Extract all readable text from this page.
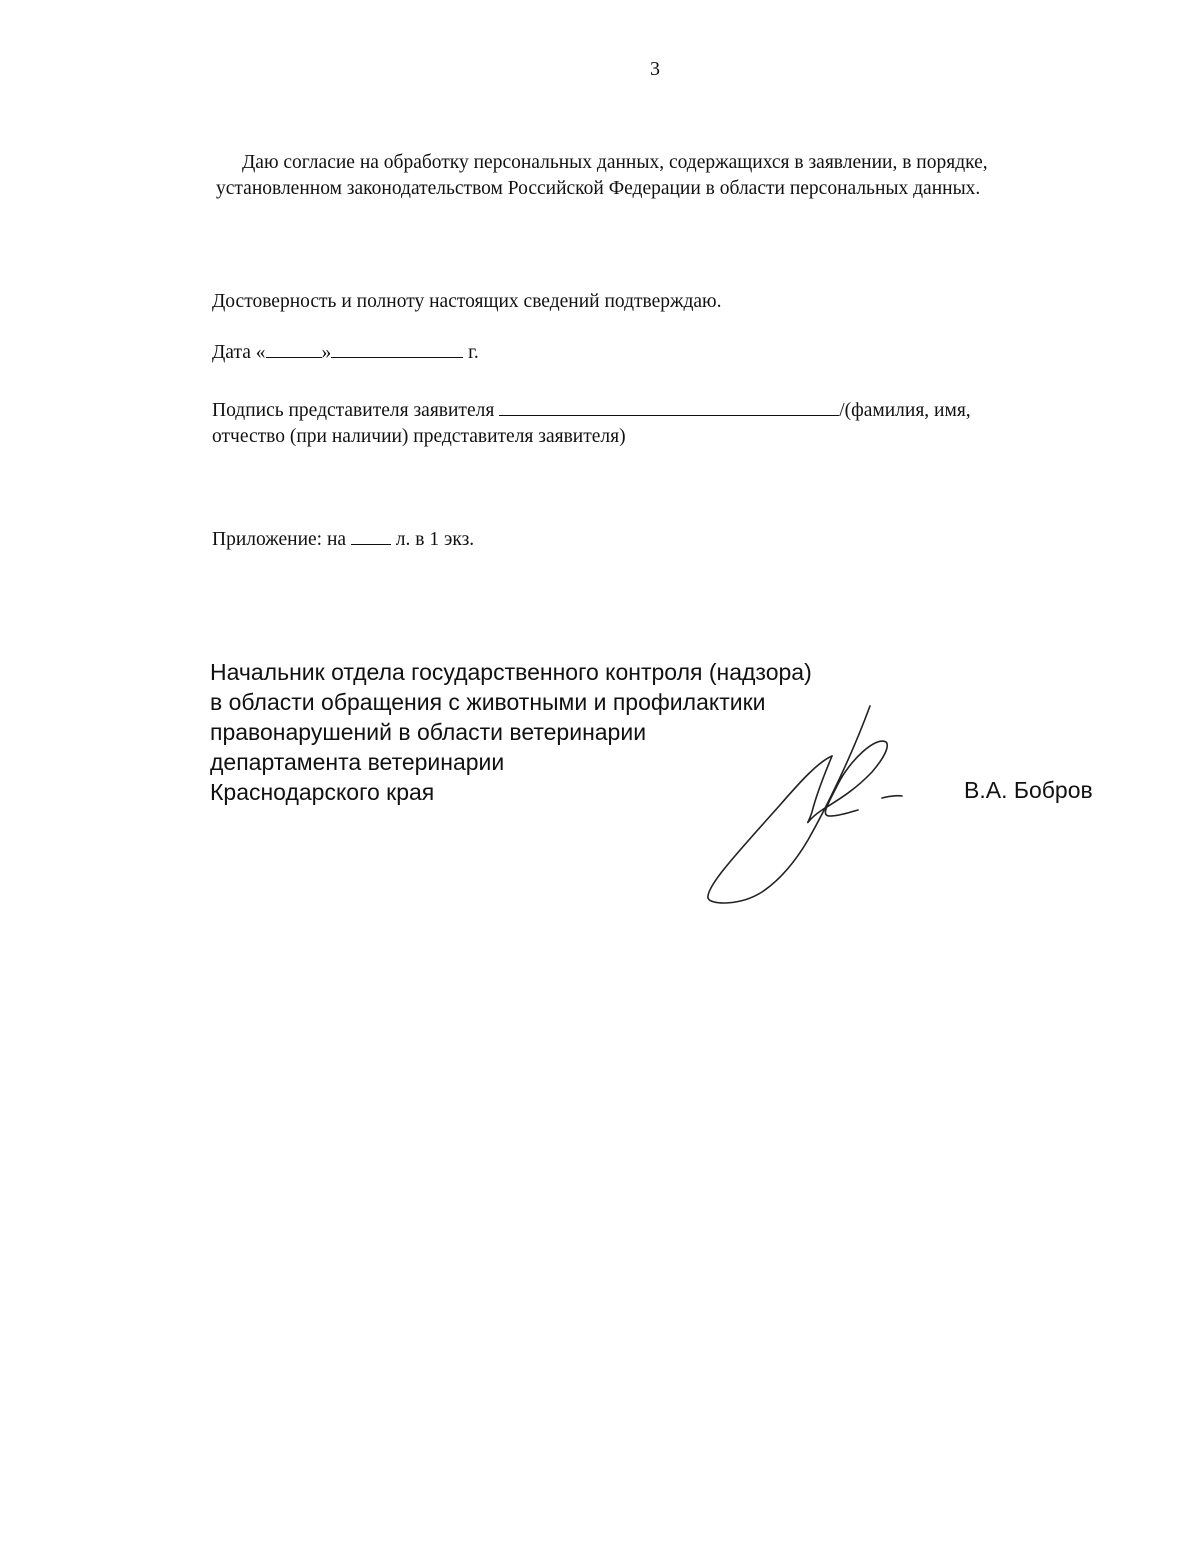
3
Даю согласие на обработку персональных данных, содержащихся в заявлении, в порядке,
установленном законодательством Российской Федерации в области персональных данных.
Достоверность и полноту настоящих сведений подтверждаю.
Дата «	»	г.
Подпись представителя заявителя	/(фамилия, имя,
отчество (при наличии) представителя заявителя)
Приложение: на  л. в 1 экз.
Начальник отдела государственного контроля (надзора)
в области обращения с животными и профилактики
правонарушений в области ветеринарии
департамента ветеринарии
Краснодарского края	В.А. Бобров
